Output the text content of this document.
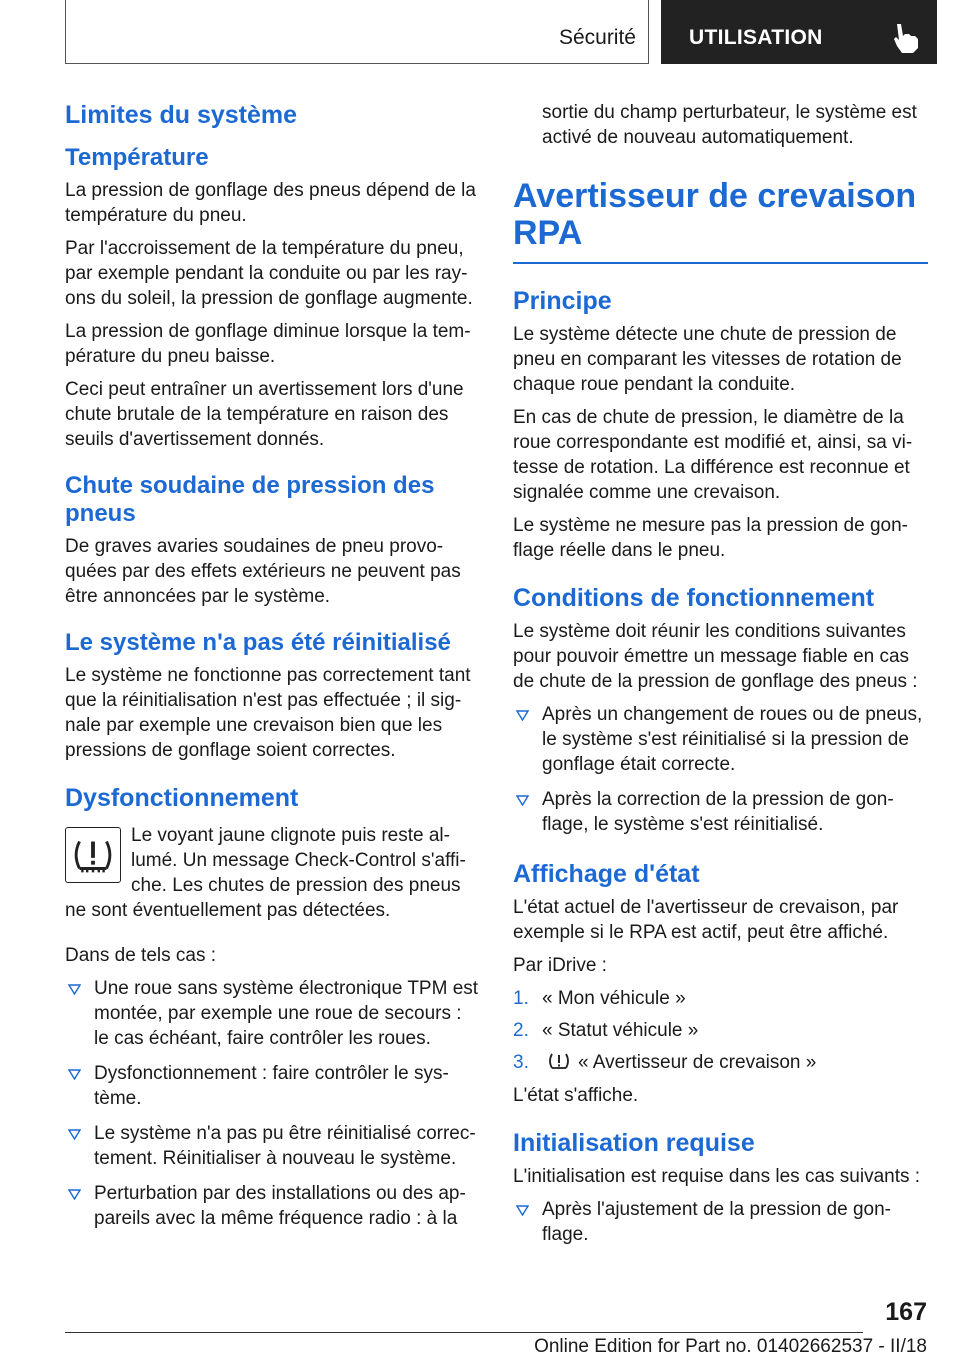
Sécurité	UTILISATION
Limites du système
Température

La pression de gonflage des pneus dépend de la température du pneu.

Par l'accroissement de la température du pneu, par exemple pendant la conduite ou par les rayons du soleil, la pression de gonflage augmente.

La pression de gonflage diminue lorsque la température du pneu baisse.

Ceci peut entraîner un avertissement lors d'une chute brutale de la température en raison des seuils d'avertissement donnés.

Chute soudaine de pression des pneus

De graves avaries soudaines de pneu provoquées par des effets extérieurs ne peuvent pas être annoncées par le système.

Le système n'a pas été réinitialisé

Le système ne fonctionne pas correctement tant que la réinitialisation n'est pas effectuée ; il signale par exemple une crevaison bien que les pressions de gonflage soient correctes.

Dysfonctionnement

Le voyant jaune clignote puis reste allumé. Un message Check-Control s'affiche. Les chutes de pression des pneus ne sont éventuellement pas détectées.

Dans de tels cas :

Une roue sans système électronique TPM est montée, par exemple une roue de secours : le cas échéant, faire contrôler les roues.
Dysfonctionnement : faire contrôler le système.
Le système n'a pas pu être réinitialisé correctement. Réinitialiser à nouveau le système.
Perturbation par des installations ou des appareils avec la même fréquence radio : à la
sortie du champ perturbateur, le système est activé de nouveau automatiquement.
Avertisseur de crevaison RPA
Principe

Le système détecte une chute de pression de pneu en comparant les vitesses de rotation de chaque roue pendant la conduite.

En cas de chute de pression, le diamètre de la roue correspondante est modifié et, ainsi, sa vitesse de rotation. La différence est reconnue et signalée comme une crevaison.

Le système ne mesure pas la pression de gonflage réelle dans le pneu.

Conditions de fonctionnement

Le système doit réunir les conditions suivantes pour pouvoir émettre un message fiable en cas de chute de la pression de gonflage des pneus :

Après un changement de roues ou de pneus, le système s'est réinitialisé si la pression de gonflage était correcte.
Après la correction de la pression de gonflage, le système s'est réinitialisé.
Affichage d'état

L'état actuel de l'avertisseur de crevaison, par exemple si le RPA est actif, peut être affiché.

Par iDrive :

1. « Mon véhicule »
2. « Statut véhicule »
3.	« Avertisseur de crevaison »

L'état s'affiche.

Initialisation requise

L'initialisation est requise dans les cas suivants :

Après l'ajustement de la pression de gonflage.
167
Online Edition for Part no. 01402662537 - II/18
